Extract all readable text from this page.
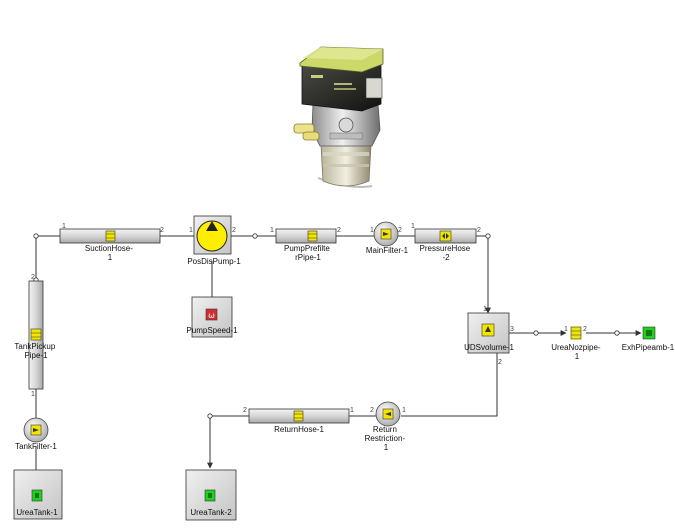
1
2
SuctionHose- 1
1	2
PosDisPump-1
ω
PumpSpeed-1
1	2
PumpPrefilte rPipe-1
1	2
MainFilter-1
1
2
PressureHose -2
2
1
TankPickup Pipe-1
TankFilter-1
UreaTank-1
1
3
2
UDSvolume-1
1 2
UreaNozpipe- 1
ExhPipeamb-1
1
2
Return Restriction- 1
1
2
ReturnHose-1
UreaTank-2
